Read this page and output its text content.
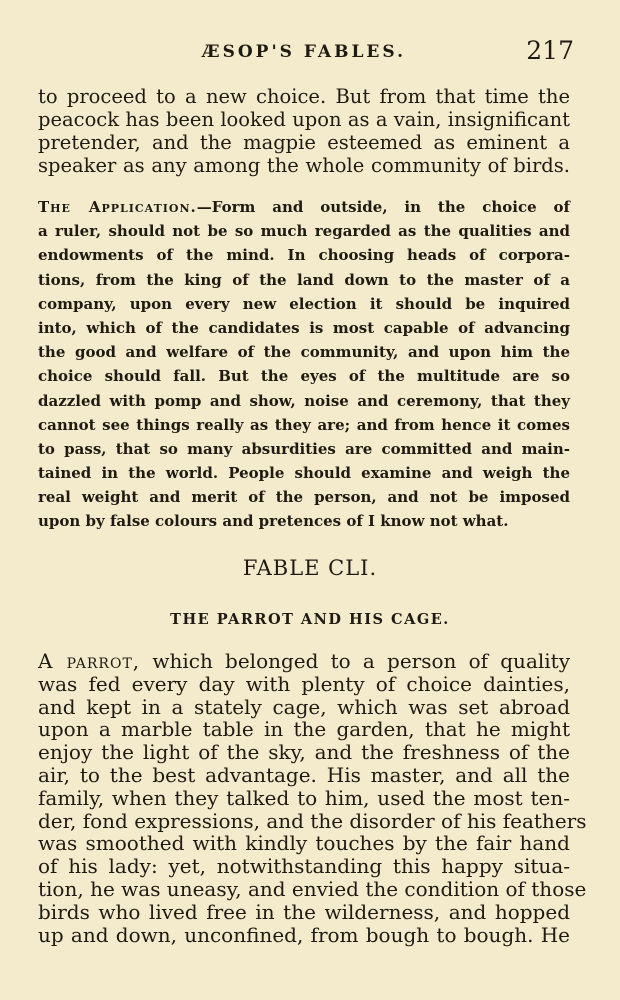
ÆSOP'S FABLES.	217
to proceed to a new choice. But from that time the
peacock has been looked upon as a vain, insignificant
pretender, and the magpie esteemed as eminent a
speaker as any among the whole community of birds.
The Application.—Form and outside, in the choice of
a ruler, should not be so much regarded as the qualities and
endowments of the mind. In choosing heads of corpora-
tions, from the king of the land down to the master of a
company, upon every new election it should be inquired
into, which of the candidates is most capable of advancing
the good and welfare of the community, and upon him the
choice should fall. But the eyes of the multitude are so
dazzled with pomp and show, noise and ceremony, that they
cannot see things really as they are; and from hence it comes
to pass, that so many absurdities are committed and main-
tained in the world. People should examine and weigh the
real weight and merit of the person, and not be imposed
upon by false colours and pretences of I know not what.
FABLE CLI.
THE PARROT AND HIS CAGE.
A parrot, which belonged to a person of quality
was fed every day with plenty of choice dainties,
and kept in a stately cage, which was set abroad
upon a marble table in the garden, that he might
enjoy the light of the sky, and the freshness of the
air, to the best advantage. His master, and all the
family, when they talked to him, used the most ten-
der, fond expressions, and the disorder of his feathers
was smoothed with kindly touches by the fair hand
of his lady: yet, notwithstanding this happy situa-
tion, he was uneasy, and envied the condition of those
birds who lived free in the wilderness, and hopped
up and down, unconfined, from bough to bough. He
